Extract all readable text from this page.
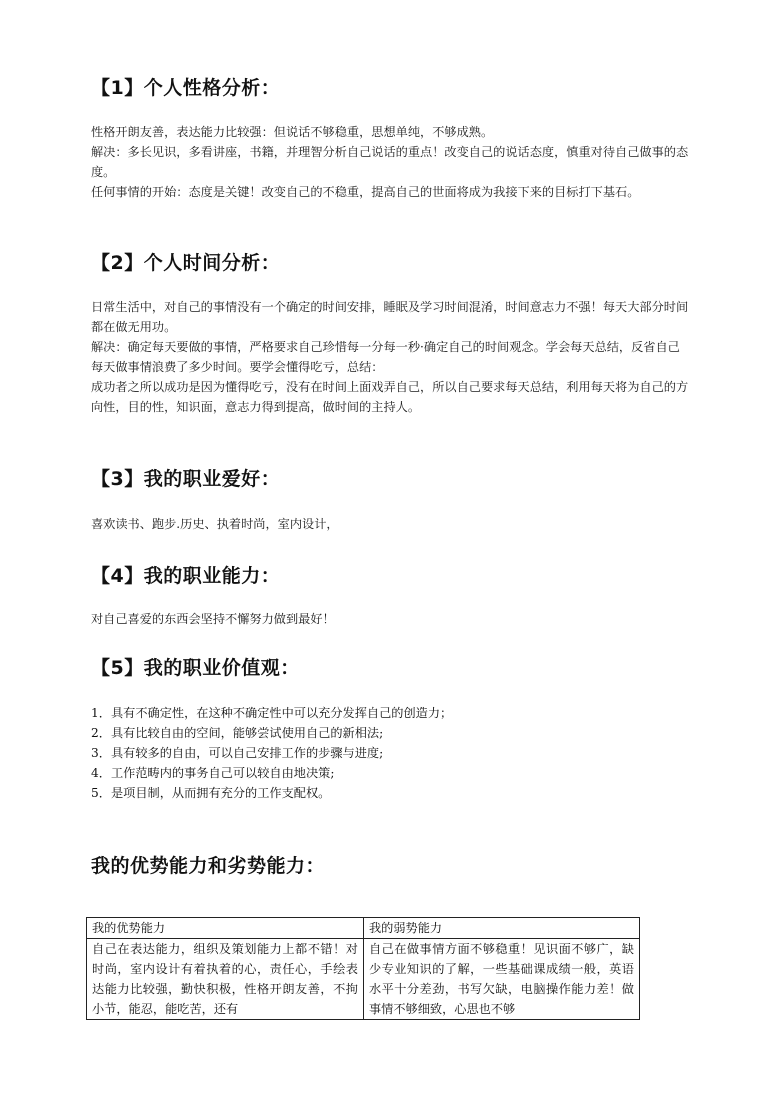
【1】个人性格分析：

性格开朗友善，表达能力比较强：但说话不够稳重，思想单纯，不够成熟。

解决：多长见识，多看讲座，书籍，并理智分析自己说话的重点！改变自己的说话态度，慎重对待自己做事的态度。

任何事情的开始：态度是关键！改变自己的不稳重，提高自己的世面将成为我接下来的目标打下基石。

【2】个人时间分析：

日常生活中，对自己的事情没有一个确定的时间安排，睡眠及学习时间混淆，时间意志力不强！每天大部分时间都在做无用功。

解决：确定每天要做的事情，严格要求自己珍惜每一分每一秒·确定自己的时间观念。学会每天总结，反省自己每天做事情浪费了多少时间。要学会懂得吃亏，总结：

成功者之所以成功是因为懂得吃亏，没有在时间上面戏弄自己，所以自己要求每天总结，利用每天将为自己的方向性，目的性，知识面，意志力得到提高，做时间的主持人。

【3】我的职业爱好：

喜欢读书、跑步.历史、执着时尚，室内设计，

【4】我的职业能力：

对自己喜爱的东西会坚持不懈努力做到最好！

【5】我的职业价值观：

1．具有不确定性，在这种不确定性中可以充分发挥自己的创造力；

2．具有比较自由的空间，能够尝试使用自己的新相法;

3．具有较多的自由，可以自己安排工作的步骤与进度;

4．工作范畴内的事务自己可以较自由地决策;

5．是项目制，从而拥有充分的工作支配权。

我的优势能力和劣势能力：
我的优势能力	我的弱势能力

自己在表达能力，组织及策划能力上都不错！对时尚，室内设计有着执着的心，责任心，手绘表达能力比较强，勤快积极，性格开朗友善，不拘小节，能忍，能吃苦，还有	自己在做事情方面不够稳重！见识面不够广，缺少专业知识的了解，一些基础课成绩一般，英语水平十分差劲，书写欠缺，电脑操作能力差！做事情不够细致，心思也不够
